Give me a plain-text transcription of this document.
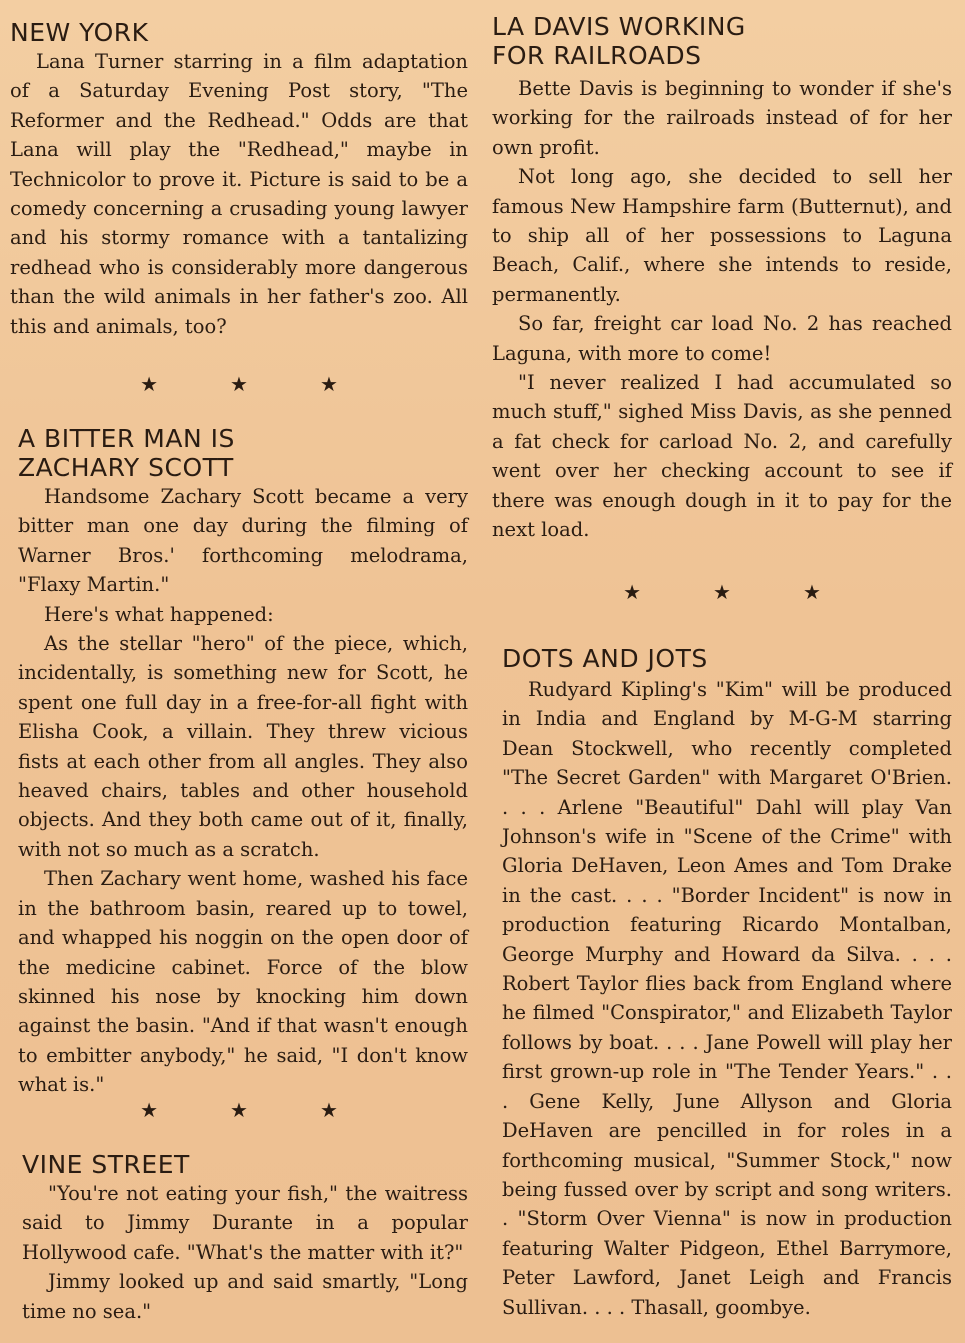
NEW YORK

Lana Turner starring in a film adaptation of a Saturday Evening Post story, "The Reformer and the Redhead." Odds are that Lana will play the "Redhead," maybe in Technicolor to prove it. Picture is said to be a comedy concerning a crusading young lawyer and his stormy romance with a tantalizing redhead who is considerably more dangerous than the wild animals in her father's zoo. All this and animals, too?

★	★	★
A BITTER MAN IS
ZACHARY SCOTT

Handsome Zachary Scott became a very bitter man one day during the filming of Warner Bros.' forthcoming melodrama, "Flaxy Martin."

Here's what happened:

As the stellar "hero" of the piece, which, incidentally, is something new for Scott, he spent one full day in a free-for-all fight with Elisha Cook, a villain. They threw vicious fists at each other from all angles. They also heaved chairs, tables and other household objects. And they both came out of it, finally, with not so much as a scratch.

Then Zachary went home, washed his face in the bathroom basin, reared up to towel, and whapped his noggin on the open door of the medicine cabinet. Force of the blow skinned his nose by knocking him down against the basin. "And if that wasn't enough to embitter anybody," he said, "I don't know what is."

★	★	★
VINE STREET

"You're not eating your fish," the waitress said to Jimmy Durante in a popular Hollywood cafe. "What's the matter with it?"

Jimmy looked up and said smartly, "Long time no sea."

LA DAVIS WORKING
FOR RAILROADS

Bette Davis is beginning to wonder if she's working for the railroads instead of for her own profit.

Not long ago, she decided to sell her famous New Hampshire farm (Butternut), and to ship all of her possessions to Laguna Beach, Calif., where she intends to reside, permanently.

So far, freight car load No. 2 has reached Laguna, with more to come!

"I never realized I had accumulated so much stuff," sighed Miss Davis, as she penned a fat check for carload No. 2, and carefully went over her checking account to see if there was enough dough in it to pay for the next load.

★	★	★
DOTS AND JOTS

Rudyard Kipling's "Kim" will be produced in India and England by M-G-M starring Dean Stockwell, who recently completed "The Secret Garden" with Margaret O'Brien. . . . Arlene "Beautiful" Dahl will play Van Johnson's wife in "Scene of the Crime" with Gloria DeHaven, Leon Ames and Tom Drake in the cast. . . . "Border Incident" is now in production featuring Ricardo Montalban, George Murphy and Howard da Silva. . . . Robert Taylor flies back from England where he filmed "Conspirator," and Elizabeth Taylor follows by boat. . . . Jane Powell will play her first grown-up role in "The Tender Years." . . . Gene Kelly, June Allyson and Gloria DeHaven are pencilled in for roles in a forthcoming musical, "Summer Stock," now being fussed over by script and song writers. . "Storm Over Vienna" is now in production featuring Walter Pidgeon, Ethel Barrymore, Peter Lawford, Janet Leigh and Francis Sullivan. . . . Thasall, goombye.
